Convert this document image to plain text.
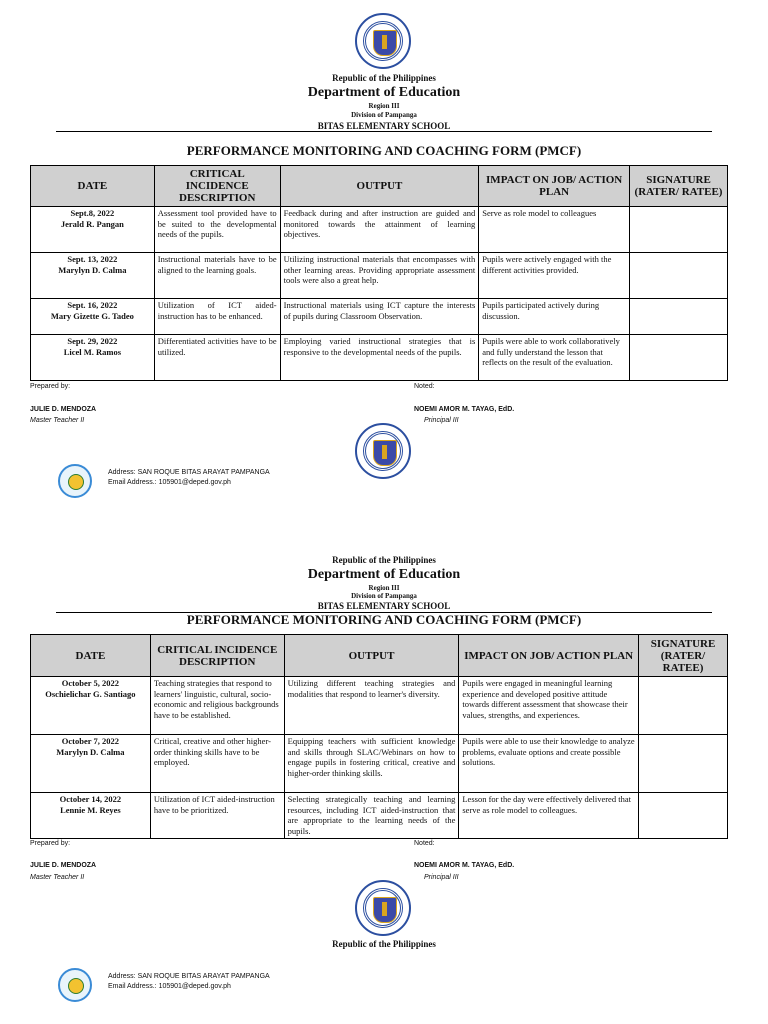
Republic of the Philippines
Department of Education
Region III
Division of Pampanga
BITAS ELEMENTARY SCHOOL
PERFORMANCE MONITORING AND COACHING FORM (PMCF)
DATE	CRITICAL INCIDENCE DESCRIPTION	OUTPUT	IMPACT ON JOB/ ACTION PLAN	SIGNATURE (RATER/ RATEE)

Sept.8, 2022
Jerald R. Pangan	Assessment tool provided have to be suited to the developmental needs of the pupils.	Feedback during and after instruction are guided and monitored towards the attainment of learning objectives.	Serve as role model to colleagues	

Sept. 13, 2022
Marylyn D. Calma	Instructional materials have to be aligned to the learning goals.	Utilizing instructional materials that encompasses with other learning areas. Providing appropriate assessment tools were also a great help.	Pupils were actively engaged with the different activities provided.	

Sept. 16, 2022
Mary Gizette G. Tadeo	Utilization of ICT aided-instruction has to be enhanced.	Instructional materials using ICT capture the interests of pupils during Classroom Observation.	Pupils participated actively during discussion.	

Sept. 29, 2022
Licel M. Ramos	Differentiated activities have to be utilized.	Employing varied instructional strategies that is responsive to the developmental needs of the pupils.	Pupils were able to work collaboratively and fully understand the lesson that reflects on the result of the evaluation.	
Prepared by:	Noted:
JULIE D. MENDOZA
Master Teacher II
NOEMI AMOR M. TAYAG, EdD.
Principal III
Address: SAN ROQUE BITAS ARAYAT PAMPANGA
Email Address.: 105901@deped.gov.ph
Republic of the Philippines
Department of Education
Region III
Division of Pampanga
BITAS ELEMENTARY SCHOOL
PERFORMANCE MONITORING AND COACHING FORM (PMCF)
DATE	CRITICAL INCIDENCE DESCRIPTION	OUTPUT	IMPACT ON JOB/ ACTION PLAN	SIGNATURE (RATER/ RATEE)

October 5, 2022
Oschielichar G. Santiago	Teaching strategies that respond to learners' linguistic, cultural, socio-economic and religious backgrounds have to be established.	Utilizing different teaching strategies and modalities that respond to learner's diversity.	Pupils were engaged in meaningful learning experience and developed positive attitude towards different assessment that showcase their values, strengths, and experiences.	

October 7, 2022
Marylyn D. Calma	Critical, creative and other higher-order thinking skills have to be employed.	Equipping teachers with sufficient knowledge and skills through SLAC/Webinars on how to engage pupils in fostering critical, creative and higher-order thinking skills.	Pupils were able to use their knowledge to analyze problems, evaluate options and create possible solutions.	

October 14, 2022
Lennie M. Reyes	Utilization of ICT aided-instruction have to be prioritized.	Selecting strategically teaching and learning resources, including ICT aided-instruction that are appropriate to the learning needs of the pupils.	Lesson for the day were effectively delivered that serve as role model to colleagues.	
Prepared by:	Noted:
JULIE D. MENDOZA
Master Teacher II
NOEMI AMOR M. TAYAG, EdD.
Principal III
Republic of the Philippines
Address: SAN ROQUE BITAS ARAYAT PAMPANGA
Email Address.: 105901@deped.gov.ph
